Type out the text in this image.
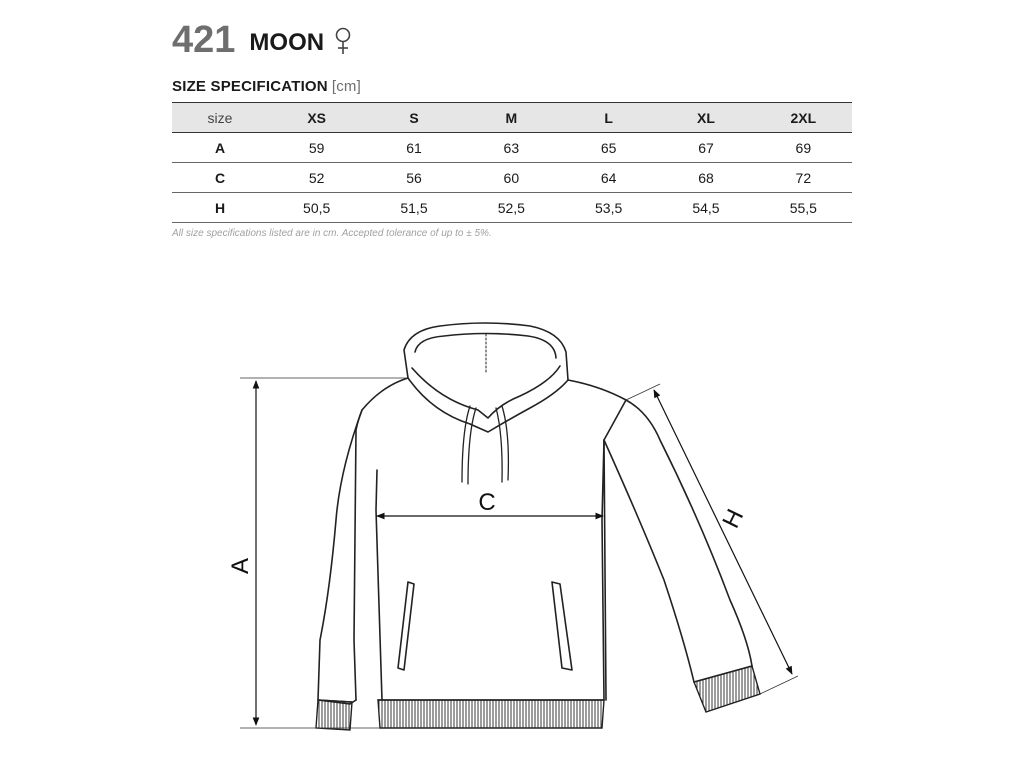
421 MOON
SIZE SPECIFICATION [cm]
size	XS	S	M	L	XL	2XL
A	59	61	63	65	67	69
C	52	56	60	64	68	72
H	50,5	51,5	52,5	53,5	54,5	55,5
All size specifications listed are in cm. Accepted tolerance of up to ± 5%.
A
C
H
